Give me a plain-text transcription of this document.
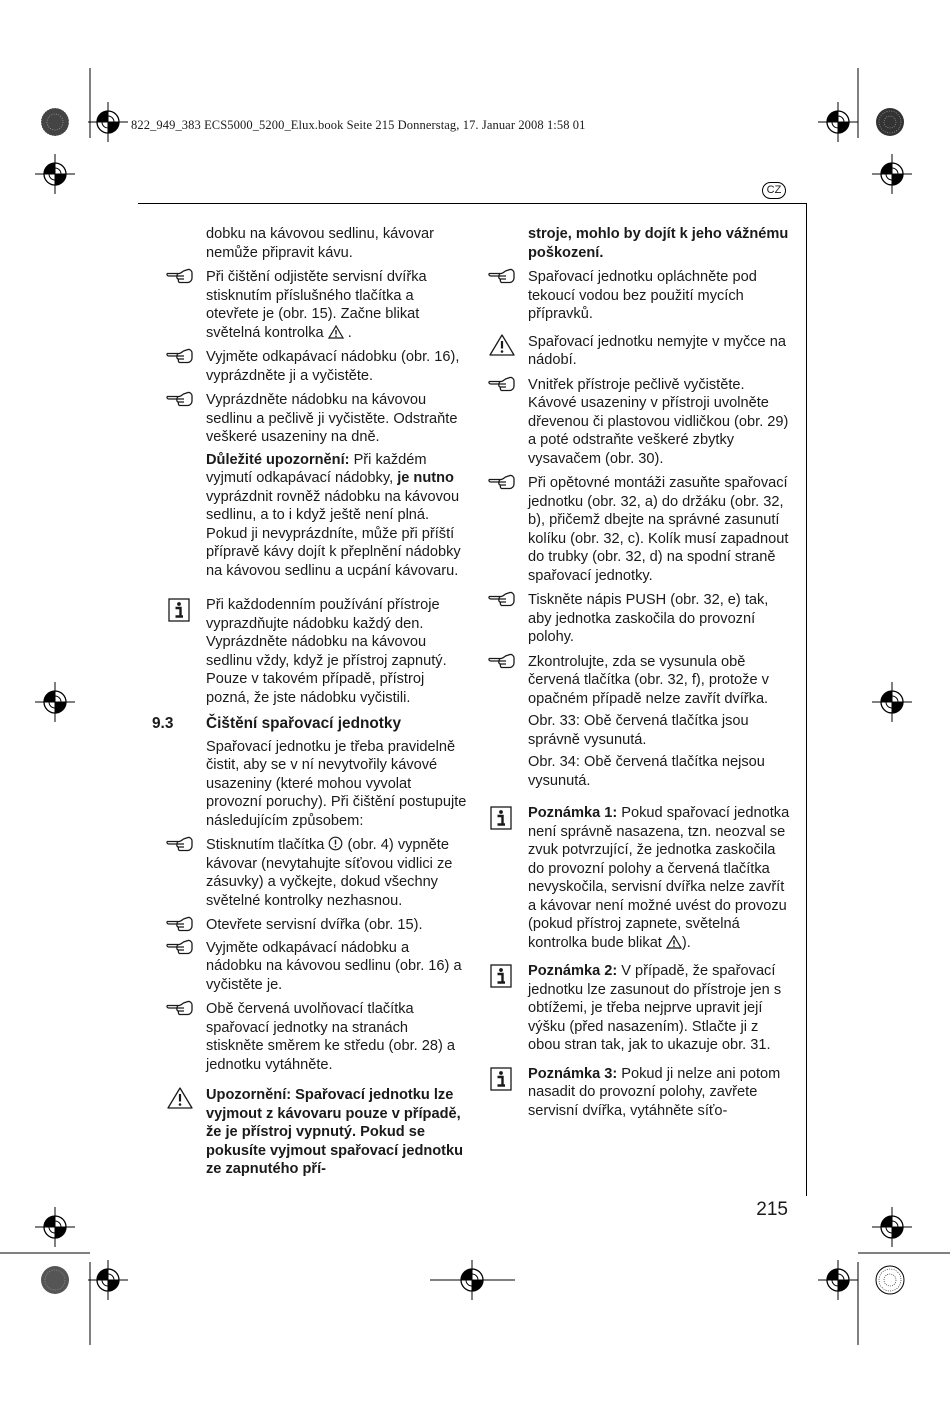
822_949_383 ECS5000_5200_Elux.book Seite 215 Donnerstag, 17. Januar 2008 1:58 01
CZ
dobku na kávovou sedlinu, kávovar nemůže připravit kávu.
Při čištění odjistěte servisní dvířka stisknutím příslušného tlačítka a otevřete je (obr. 15). Začne blikat světelná kontrolka .
Vyjměte odkapávací nádobku (obr. 16), vyprázdněte ji a vyčistěte.
Vyprázdněte nádobku na kávovou sedlinu a pečlivě ji vyčistěte. Odstraňte veškeré usazeniny na dně.
Důležité upozornění: Při každém vyjmutí odkapávací nádobky, je nutno vyprázdnit rovněž nádobku na kávovou sedlinu, a to i když ještě není plná. Pokud ji nevyprázdníte, může při příští přípravě kávy dojít k přeplnění nádobky na kávovou sedlinu a ucpání kávovaru.
Při každodenním používání přístroje vyprazdňujte nádobku každý den. Vyprázdněte nádobku na kávovou sedlinu vždy, když je přístroj zapnutý. Pouze v takovém případě, přístroj pozná, že jste nádobku vyčistili.
9.3 Čištění spařovací jednotky
Spařovací jednotku je třeba pravidelně čistit, aby se v ní nevytvořily kávové usazeniny (které mohou vyvolat provozní poruchy). Při čištění postupujte následujícím způsobem:
Stisknutím tlačítka  (obr. 4) vypněte kávovar (nevytahujte síťovou vidlici ze zásuvky) a vyčkejte, dokud všechny světelné kontrolky nezhasnou.
Otevřete servisní dvířka (obr. 15).
Vyjměte odkapávací nádobku a nádobku na kávovou sedlinu (obr. 16) a vyčistěte je.
Obě červená uvolňovací tlačítka spařovací jednotky na stranách stiskněte směrem ke středu (obr. 28) a jednotku vytáhněte.
Upozornění: Spařovací jednotku lze vyjmout z kávovaru pouze v případě, že je přístroj vypnutý. Pokud se pokusíte vyjmout spařovací jednotku ze zapnutého pří-
stroje, mohlo by dojít k jeho vážnému poškození.
Spařovací jednotku opláchněte pod tekoucí vodou bez použití mycích přípravků.
Spařovací jednotku nemyjte v myčce na nádobí.
Vnitřek přístroje pečlivě vyčistěte. Kávové usazeniny v přístroji uvolněte dřevenou či plastovou vidličkou (obr. 29) a poté odstraňte veškeré zbytky vysavačem (obr. 30).
Při opětovné montáži zasuňte spařovací jednotku (obr. 32, a) do držáku (obr. 32, b), přičemž dbejte na správné zasunutí kolíku (obr. 32, c). Kolík musí zapadnout do trubky (obr. 32, d) na spodní straně spařovací jednotky.
Tiskněte nápis PUSH (obr. 32, e) tak, aby jednotka zaskočila do provozní polohy.
Zkontrolujte, zda se vysunula obě červená tlačítka (obr. 32, f), protože v opačném případě nelze zavřít dvířka.
Obr. 33: Obě červená tlačítka jsou správně vysunutá.
Obr. 34: Obě červená tlačítka nejsou vysunutá.
Poznámka 1: Pokud spařovací jednotka není správně nasazena, tzn. neozval se zvuk potvrzující, že jednotka zaskočila do provozní polohy a červená tlačítka nevyskočila, servisní dvířka nelze zavřít a kávovar není možné uvést do provozu (pokud přístroj zapnete, světelná kontrolka bude blikat ).
Poznámka 2: V případě, že spařovací jednotku lze zasunout do přístroje jen s obtížemi, je třeba nejprve upravit její výšku (před nasazením). Stlačte ji z obou stran tak, jak to ukazuje obr. 31.
Poznámka 3: Pokud ji nelze ani potom nasadit do provozní polohy, zavřete servisní dvířka, vytáhněte síťo-
215
